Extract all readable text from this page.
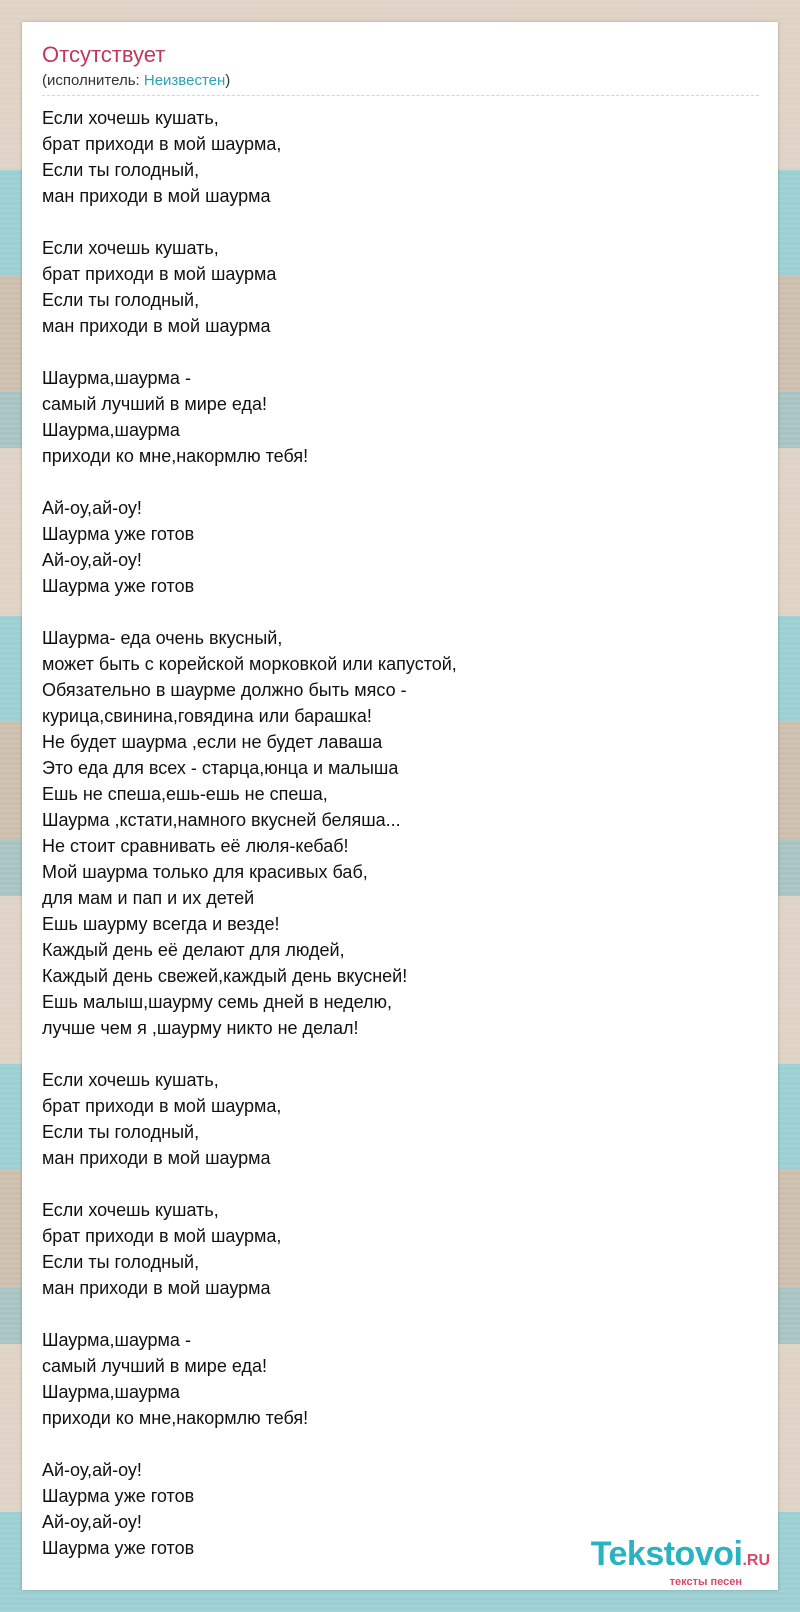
Отсутствует
(исполнитель: Неизвестен)
Если хочешь кушать,
брат приходи в мой шаурма,
Если ты голодный,
ман приходи в мой шаурма
Если хочешь кушать,
брат приходи в мой шаурма
Если ты голодный,
ман приходи в мой шаурма
Шаурма,шаурма -
самый лучший в мире еда!
Шаурма,шаурма
приходи ко мне,накормлю тебя!
Ай-оу,ай-оу!
Шаурма уже готов
Ай-оу,ай-оу!
Шаурма уже готов
Шаурма- еда очень вкусный,
может быть с корейской морковкой или капустой,
Обязательно в шаурме должно быть мясо -
курица,свинина,говядина или барашка!
Не будет шаурма ,если не будет лаваша
Это еда для всех - старца,юнца и малыша
Ешь не спеша,ешь-ешь не спеша,
Шаурма ,кстати,намного вкусней беляша...
Не стоит сравнивать её люля-кебаб!
Мой шаурма только для красивых баб,
для мам и пап и их детей
Ешь шаурму всегда и везде!
Каждый день её делают для людей,
Каждый день свежей,каждый день вкусней!
Ешь малыш,шаурму семь дней в неделю,
лучше чем я ,шаурму никто не делал!
Если хочешь кушать,
брат приходи в мой шаурма,
Если ты голодный,
ман приходи в мой шаурма
Если хочешь кушать,
брат приходи в мой шаурма,
Если ты голодный,
ман приходи в мой шаурма
Шаурма,шаурма -
самый лучший в мире еда!
Шаурма,шаурма
приходи ко мне,накормлю тебя!
Ай-оу,ай-оу!
Шаурма уже готов
Ай-оу,ай-оу!
Шаурма уже готов	Tekstovoi.RU
тексты песен
